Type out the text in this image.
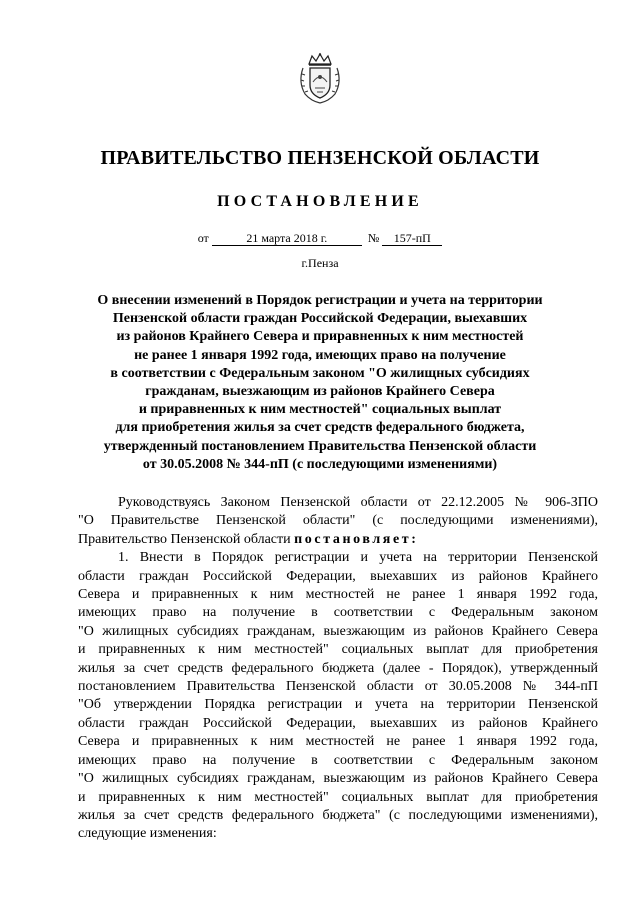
ПРАВИТЕЛЬСТВО ПЕНЗЕНСКОЙ ОБЛАСТИ
ПОСТАНОВЛЕНИЕ
от	21 марта 2018 г.	№ 157-пП
г.Пенза
О внесении изменений в Порядок регистрации и учета на территории
Пензенской области граждан Российской Федерации, выехавших
из районов Крайнего Севера и приравненных к ним местностей
не ранее 1 января 1992 года, имеющих право на получение
в соответствии с Федеральным законом "О жилищных субсидиях
гражданам, выезжающим из районов Крайнего Севера
и приравненных к ним местностей" социальных выплат
для приобретения жилья за счет средств федерального бюджета,
утвержденный постановлением Правительства Пензенской области
от 30.05.2008 № 344-пП (с последующими изменениями)
Руководствуясь Законом Пензенской области от 22.12.2005 № 906-ЗПО
"О Правительстве Пензенской области" (с последующими изменениями),
Правительство Пензенской области постановляет:
1. Внести в Порядок регистрации и учета на территории Пензенской
области граждан Российской Федерации, выехавших из районов Крайнего
Севера и приравненных к ним местностей не ранее 1 января 1992 года,
имеющих право на получение в соответствии с Федеральным законом
"О жилищных субсидиях гражданам, выезжающим из районов Крайнего Севера
и приравненных к ним местностей" социальных выплат для приобретения
жилья за счет средств федерального бюджета (далее - Порядок), утвержденный
постановлением Правительства Пензенской области от 30.05.2008 № 344-пП
"Об утверждении Порядка регистрации и учета на территории Пензенской
области граждан Российской Федерации, выехавших из районов Крайнего
Севера и приравненных к ним местностей не ранее 1 января 1992 года,
имеющих право на получение в соответствии с Федеральным законом
"О жилищных субсидиях гражданам, выезжающим из районов Крайнего Севера
и приравненных к ним местностей" социальных выплат для приобретения
жилья за счет средств федерального бюджета" (с последующими изменениями),
следующие изменения:
